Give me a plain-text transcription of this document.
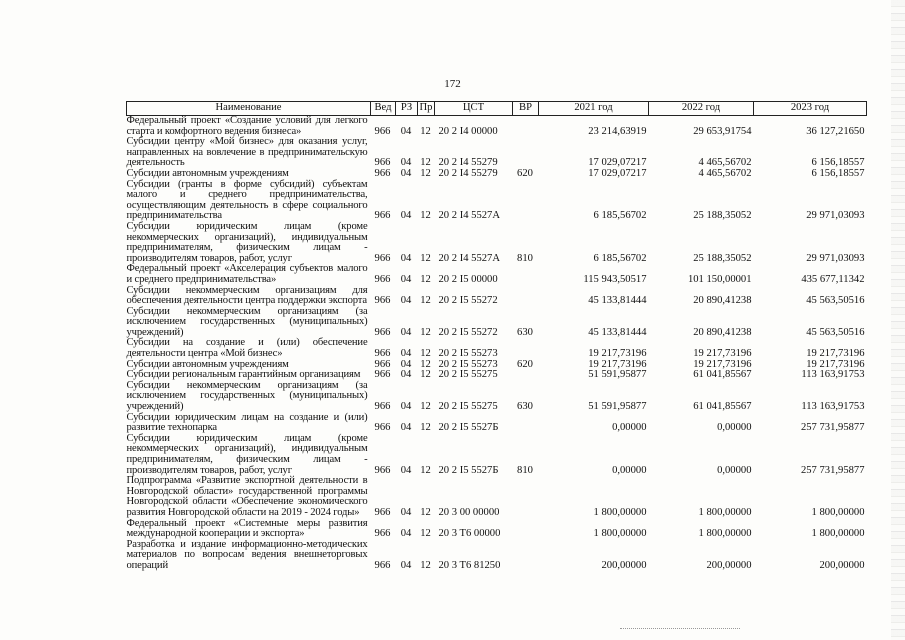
172
Наименование	Вед	РЗ	Пр	ЦСТ	ВР	2021 год	2022 год	2023 год
Федеральный проект «Создание условий для легкого старта и комфортного ведения бизнеса»	966	04	12	20 2 I4 00000		23 214,63919	29 653,91754	36 127,21650
Субсидии центру «Мой бизнес» для оказания услуг, направленных на вовлечение в предпринимательскую деятельность	966	04	12	20 2 I4 55279		17 029,07217	4 465,56702	6 156,18557
Субсидии автономным учреждениям	966	04	12	20 2 I4 55279	620	17 029,07217	4 465,56702	6 156,18557
Субсидии (гранты в форме субсидий) субъектам малого и среднего предпринимательства, осуществляющим деятельность в сфере социального предпринимательства	966	04	12	20 2 I4 5527A		6 185,56702	25 188,35052	29 971,03093
Субсидии юридическим лицам (кроме некоммерческих организаций), индивидуальным предпринимателям, физическим лицам - производителям товаров, работ, услуг	966	04	12	20 2 I4 5527A	810	6 185,56702	25 188,35052	29 971,03093
Федеральный проект «Акселерация субъектов малого и среднего предпринимательства»	966	04	12	20 2 I5 00000		115 943,50517	101 150,00001	435 677,11342
Субсидии некоммерческим организациям для обеспечения деятельности центра поддержки экспорта	966	04	12	20 2 I5 55272		45 133,81444	20 890,41238	45 563,50516
Субсидии некоммерческим организациям (за исключением государственных (муниципальных) учреждений)	966	04	12	20 2 I5 55272	630	45 133,81444	20 890,41238	45 563,50516
Субсидии на создание и (или) обеспечение деятельности центра «Мой бизнес»	966	04	12	20 2 I5 55273		19 217,73196	19 217,73196	19 217,73196
Субсидии автономным учреждениям	966	04	12	20 2 I5 55273	620	19 217,73196	19 217,73196	19 217,73196
Субсидии региональным гарантийным организациям	966	04	12	20 2 I5 55275		51 591,95877	61 041,85567	113 163,91753
Субсидии некоммерческим организациям (за исключением государственных (муниципальных) учреждений)	966	04	12	20 2 I5 55275	630	51 591,95877	61 041,85567	113 163,91753
Субсидии юридическим лицам на создание и (или) развитие технопарка	966	04	12	20 2 I5 5527Б		0,00000	0,00000	257 731,95877
Субсидии юридическим лицам (кроме некоммерческих организаций), индивидуальным предпринимателям, физическим лицам - производителям товаров, работ, услуг	966	04	12	20 2 I5 5527Б	810	0,00000	0,00000	257 731,95877
Подпрограмма «Развитие экспортной деятельности в Новгородской области» государственной программы Новгородской области «Обеспечение экономического развития Новгородской области на 2019 - 2024 годы»	966	04	12	20 3 00 00000		1 800,00000	1 800,00000	1 800,00000
Федеральный проект «Системные меры развития международной кооперации и экспорта»	966	04	12	20 3 T6 00000		1 800,00000	1 800,00000	1 800,00000
Разработка и издание информационно-методических материалов по вопросам ведения внешнеторговых операций	966	04	12	20 3 T6 81250		200,00000	200,00000	200,00000
